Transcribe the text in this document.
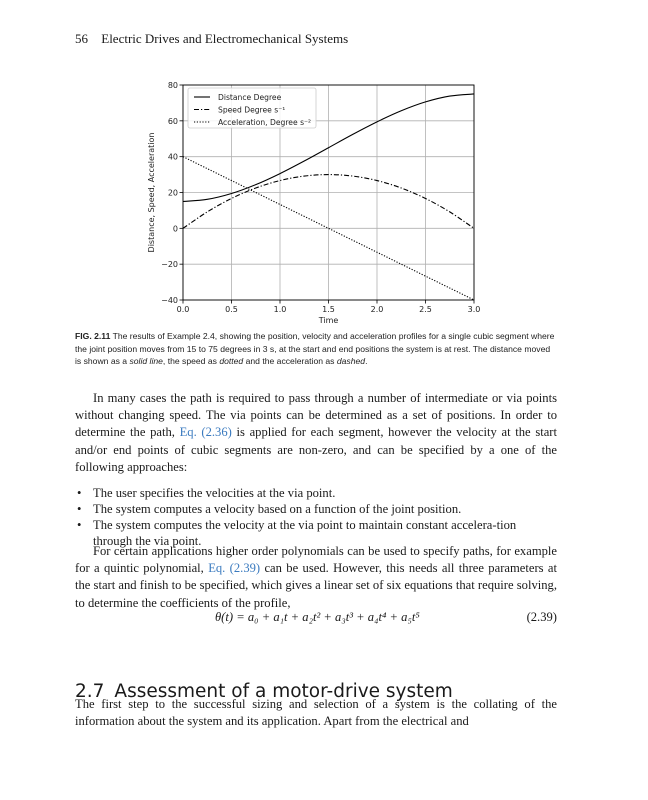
56 Electric Drives and Electromechanical Systems
0.0	0.5	1.0	1.5	2.0	2.5	3.0
80
60
40
20
0
−20
−40
Time
Distance, Speed, Acceleration
Distance Degree
Speed Degree s⁻¹
Acceleration, Degree s⁻²
FIG. 2.11 The results of Example 2.4, showing the position, velocity and acceleration profiles for a single cubic segment where the joint position moves from 15 to 75 degrees in 3 s, at the start and end positions the system is at rest. The distance moved is shown as a solid line, the speed as dotted and the acceleration as dashed.
In many cases the path is required to pass through a number of intermediate or via points without changing speed. The via points can be determined as a set of positions. In order to determine the path, Eq. (2.36) is applied for each segment, however the velocity at the start and/or end points of cubic segments are non-zero, and can be specified by a one of the following approaches:
• The user specifies the velocities at the via point.
• The system computes a velocity based on a function of the joint position.
• The system computes the velocity at the via point to maintain constant accelera-tion through the via point.
For certain applications higher order polynomials can be used to specify paths, for example for a quintic polynomial, Eq. (2.39) can be used. However, this needs all three parameters at the start and finish to be specified, which gives a linear set of six equations that require solving, to determine the coefficients of the profile,
θ(t) = a₀ + a₁t + a₂t² + a₃t³ + a₄t⁴ + a₅t⁵	(2.39)
2.7 Assessment of a motor-drive system
The first step to the successful sizing and selection of a system is the collating of the information about the system and its application. Apart from the electrical and
